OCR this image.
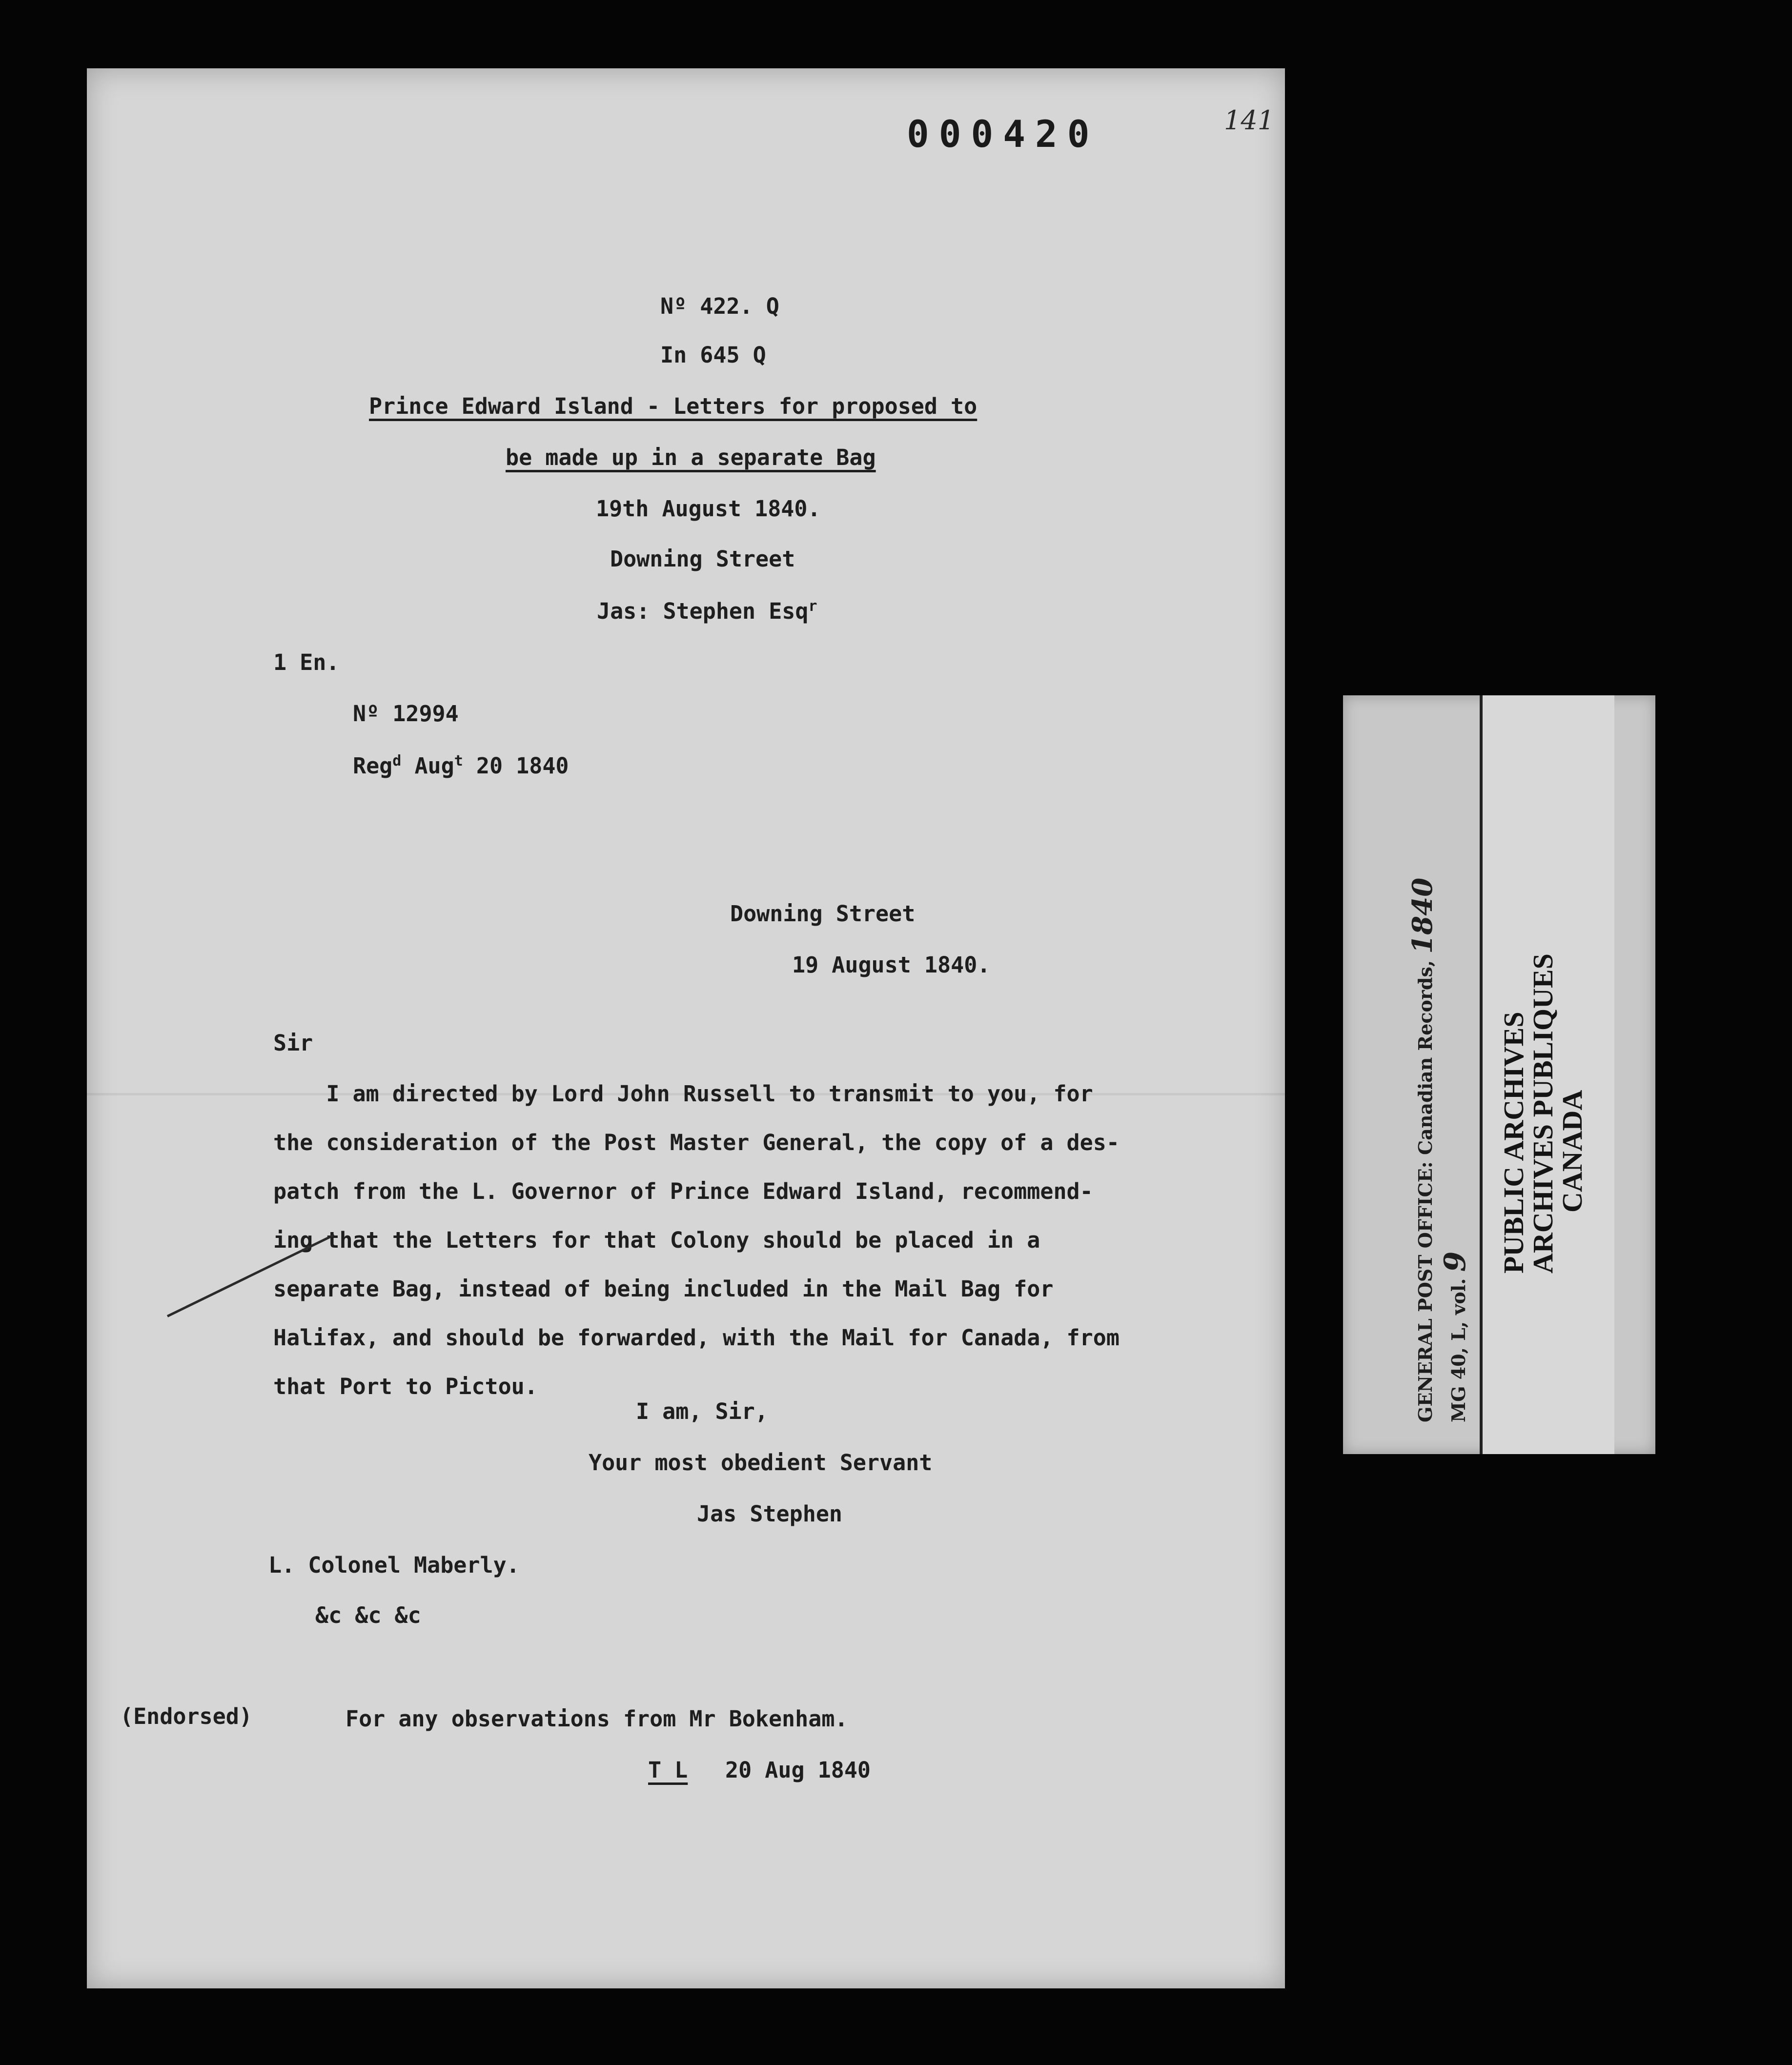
000420	141
Nº 422. Q
In 645 Q
Prince Edward Island - Letters for proposed to
be made up in a separate Bag
19th August 1840.
Downing Street
Jas: Stephen Esq$^r$
1 En.
Nº 12994
Reg$^d$ Aug$^t$ 20 1840
Downing Street
19 August 1840.
Sir
I am directed by Lord John Russell to transmit to you, for
the consideration of the Post Master General, the copy of a des-
patch from the L. Governor of Prince Edward Island, recommend-
ing that the Letters for that Colony should be placed in a
separate Bag, instead of being included in the Mail Bag for
Halifax, and should be forwarded, with the Mail for Canada, from
that Port to Pictou.
I am, Sir,
Your most obedient Servant
Jas Stephen
L. Colonel Maberly.
&c &c &c
(Endorsed)	For any observations from Mr Bokenham.
T L 20 Aug 1840
GENERAL POST OFFICE: Canadian Records, 1840
MG 40, L, vol. 9 PUBLIC ARCHIVES
ARCHIVES PUBLIQUES
CANADA
